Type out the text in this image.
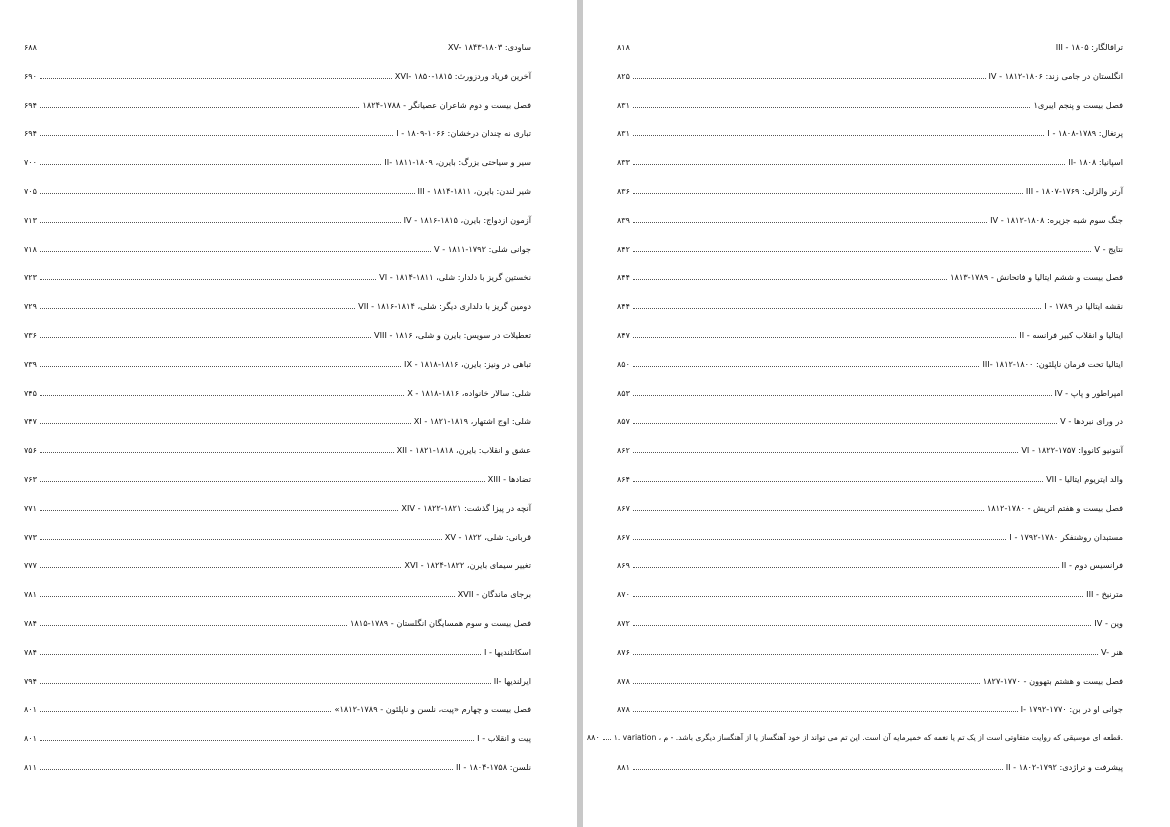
XV- ساودی: ۱۸۰۳-۱۸۴۳
۶۸۸
XVI- آخرین فریاد وردزورث: ۱۸۱۵-۱۸۵۰
۶۹۰
فصل بیست و دوم شاعران عصیانگر - ۱۷۸۸-۱۸۲۴
۶۹۴
I - تباری نه چندان درخشان: ۱۰۶۶-۱۸۰۹
۶۹۴
II- سیر و سیاحتی بزرگ: بایرن، ۱۸۰۹-۱۸۱۱
۷۰۰
III - شیر لندن: بایرن، ۱۸۱۱-۱۸۱۴
۷۰۵
IV - آزمون ازدواج: بایرن، ۱۸۱۵-۱۸۱۶
۷۱۳
V - جوانی شلی: ۱۷۹۲-۱۸۱۱
۷۱۸
VI - نخستین گریز با دلدار: شلی، ۱۸۱۱-۱۸۱۴
۷۲۳
VII - دومین گریز با دلداری دیگر: شلی، ۱۸۱۴-۱۸۱۶
۷۲۹
VIII - تعطیلات در سویس: بایرن و شلی، ۱۸۱۶
۷۳۶
IX - تباهی در ونیز: بایرن، ۱۸۱۶-۱۸۱۸
۷۳۹
X - شلی: سالار خانواده، ۱۸۱۶-۱۸۱۸
۷۴۵
XI - شلی: اوج اشتهار، ۱۸۱۹-۱۸۲۱
۷۴۷
XII - عشق و انقلاب: بایرن، ۱۸۱۸-۱۸۲۱
۷۵۶
XIII - تضادها
۷۶۳
XIV - آنچه در پیزا گذشت: ۱۸۲۱-۱۸۲۲
۷۷۱
XV - قربانی: شلی، ۱۸۲۲
۷۷۳
XVI - تغییر سیمای بایرن، ۱۸۲۲-۱۸۲۴
۷۷۷
XVII - برجای ماندگان
۷۸۱
فصل بیست و سوم همسایگان انگلستان - ۱۷۸۹-۱۸۱۵
۷۸۴
I - اسکاتلندیها
۷۸۴
II- ایرلندیها
۷۹۴
فصل بیست و چهارم «پیت، نلسن و ناپلئون - ۱۷۸۹-۱۸۱۲»
۸۰۱
I - پیت و انقلاب
۸۰۱
II - نلسن: ۱۷۵۸-۱۸۰۴
۸۱۱
III - ترافالگار: ۱۸۰۵
۸۱۸
IV - انگلستان در جامی زند: ۱۸۰۶-۱۸۱۲
۸۲۵
فصل بیست و پنجم ایبری۱
۸۳۱
I - پرتغال: ۱۷۸۹-۱۸۰۸
۸۳۱
II- اسپانیا: ۱۸۰۸
۸۳۳
III - آرتر والزلی: ۱۷۶۹-۱۸۰۷
۸۳۶
IV - جنگ سوم شبه جزیره: ۱۸۰۸-۱۸۱۲
۸۳۹
V - نتایج
۸۴۲
فصل بیست و ششم ایتالیا و فاتحانش - ۱۷۸۹-۱۸۱۳
۸۴۴
I - نقشه ایتالیا در ۱۷۸۹
۸۴۴
II - ایتالیا و انقلاب کبیر فرانسه
۸۴۷
III- ایتالیا تحت فرمان ناپلئون: ۱۸۰۰-۱۸۱۲
۸۵۰
IV - امپراطور و پاپ
۸۵۳
V - در ورای نبردها
۸۵۷
VI - آنتونیو کانووا: ۱۷۵۷-۱۸۲۲
۸۶۲
VII - والد ایتریوم ایتالیا
۸۶۴
فصل بیست و هفتم اتریش - ۱۷۸۰-۱۸۱۲
۸۶۷
I - مستبدان روشنفکر ۱۷۸۰-۱۷۹۲
۸۶۷
II - فرانسیس دوم
۸۶۹
III - مترنیخ
۸۷۰
IV - وین
۸۷۲
V- هنر
۸۷۶
فصل بیست و هشتم بتهوون - ۱۷۷۰-۱۸۲۷
۸۷۸
I- جوانی او در بن: ۱۷۷۰-۱۷۹۲
۸۷۸
۱. variation ، قطعه ای موسیقی که روایت متفاوتی است از یک تم یا نغمه که خمیرمایه آن است. این تم می تواند از خود آهنگساز یا از آهنگساز دیگری باشد. - م.
۸۸۰
II - پیشرفت و تراژدی: ۱۷۹۲-۱۸۰۲
۸۸۱
